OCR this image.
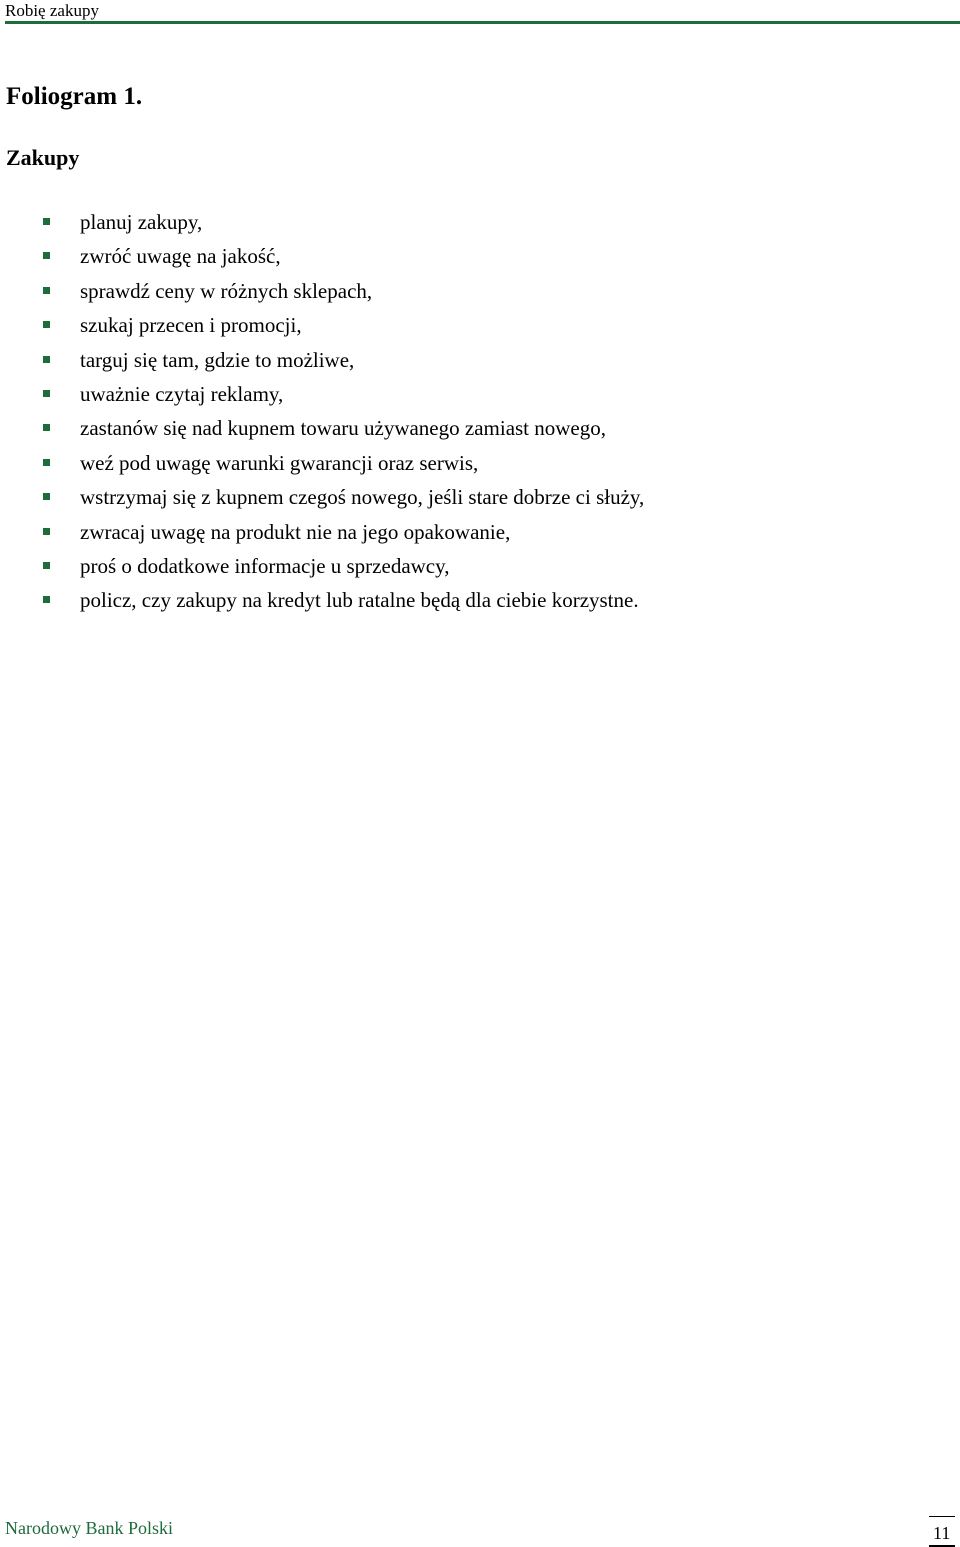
Robię zakupy
Foliogram 1.
Zakupy
planuj zakupy,
zwróć uwagę na jakość,
sprawdź ceny w różnych sklepach,
szukaj przecen i promocji,
targuj się tam, gdzie to możliwe,
uważnie czytaj reklamy,
zastanów się nad kupnem towaru używanego zamiast nowego,
weź pod uwagę warunki gwarancji oraz serwis,
wstrzymaj się z kupnem czegoś nowego, jeśli stare dobrze ci służy,
zwracaj uwagę na produkt nie na jego opakowanie,
proś o dodatkowe informacje u sprzedawcy,
policz, czy zakupy na kredyt lub ratalne będą dla ciebie korzystne.
Narodowy Bank Polski	11
